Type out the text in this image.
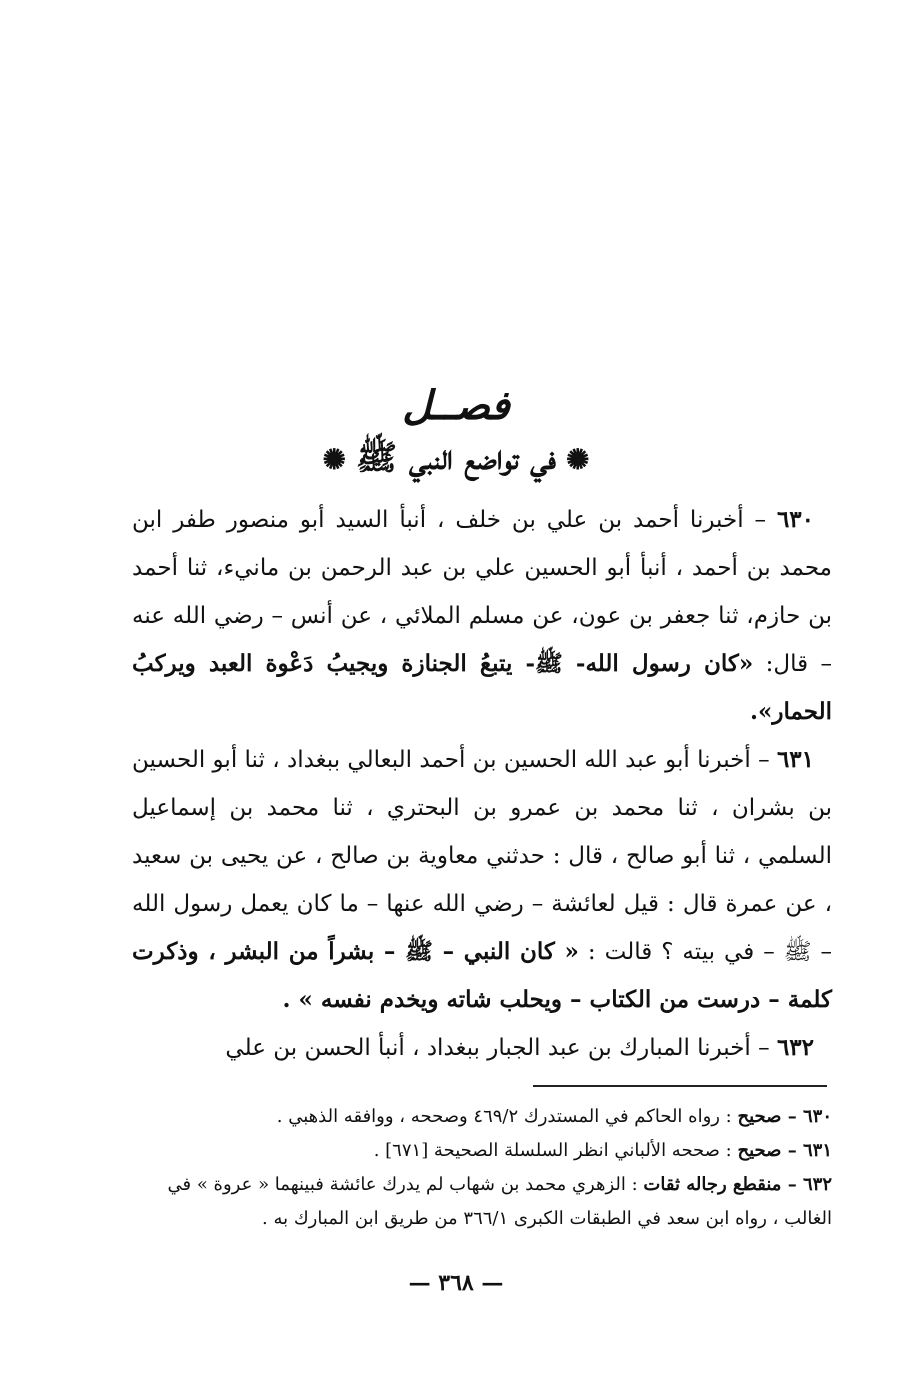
فصــل
✺في تواضع النبي ﷺ✺

٦٣٠ – أخبرنا أحمد بن علي بن خلف ، أنبأ السيد أبو منصور طفر ابن محمد بن أحمد ، أنبأ أبو الحسين علي بن عبد الرحمن بن مانيء، ثنا أحمد بن حازم، ثنا جعفر بن عون، عن مسلم الملائي ، عن أنس – رضي الله عنه – قال: «كان رسول الله- ﷺ- يتبعُ الجنازة ويجيبُ دَعْوة العبد ويركبُ الحمار».

٦٣١ – أخبرنا أبو عبد الله الحسين بن أحمد البعالي ببغداد ، ثنا أبو الحسين بن بشران ، ثنا محمد بن عمرو بن البحتري ، ثنا محمد بن إسماعيل السلمي ، ثنا أبو صالح ، قال : حدثني معاوية بن صالح ، عن يحيى بن سعيد ، عن عمرة قال : قيل لعائشة – رضي الله عنها – ما كان يعمل رسول الله – ﷺ – في بيته ؟ قالت : « كان النبي – ﷺ – بشراً من البشر ، وذكرت كلمة – درست من الكتاب – ويحلب شاته ويخدم نفسه » .

٦٣٢ – أخبرنا المبارك بن عبد الجبار ببغداد ، أنبأ الحسن بن علي

٦٣٠ – صحيح : رواه الحاكم في المستدرك ٤٦٩/٢ وصححه ، ووافقه الذهبي .

٦٣١ – صحيح : صححه الألباني انظر السلسلة الصحيحة [٦٧١] .

٦٣٢ – منقطع رجاله ثقات : الزهري محمد بن شهاب لم يدرك عائشة فبينهما « عروة » في الغالب ، رواه ابن سعد في الطبقات الكبرى ٣٦٦/١ من طريق ابن المبارك به .

— ٣٦٨ —
